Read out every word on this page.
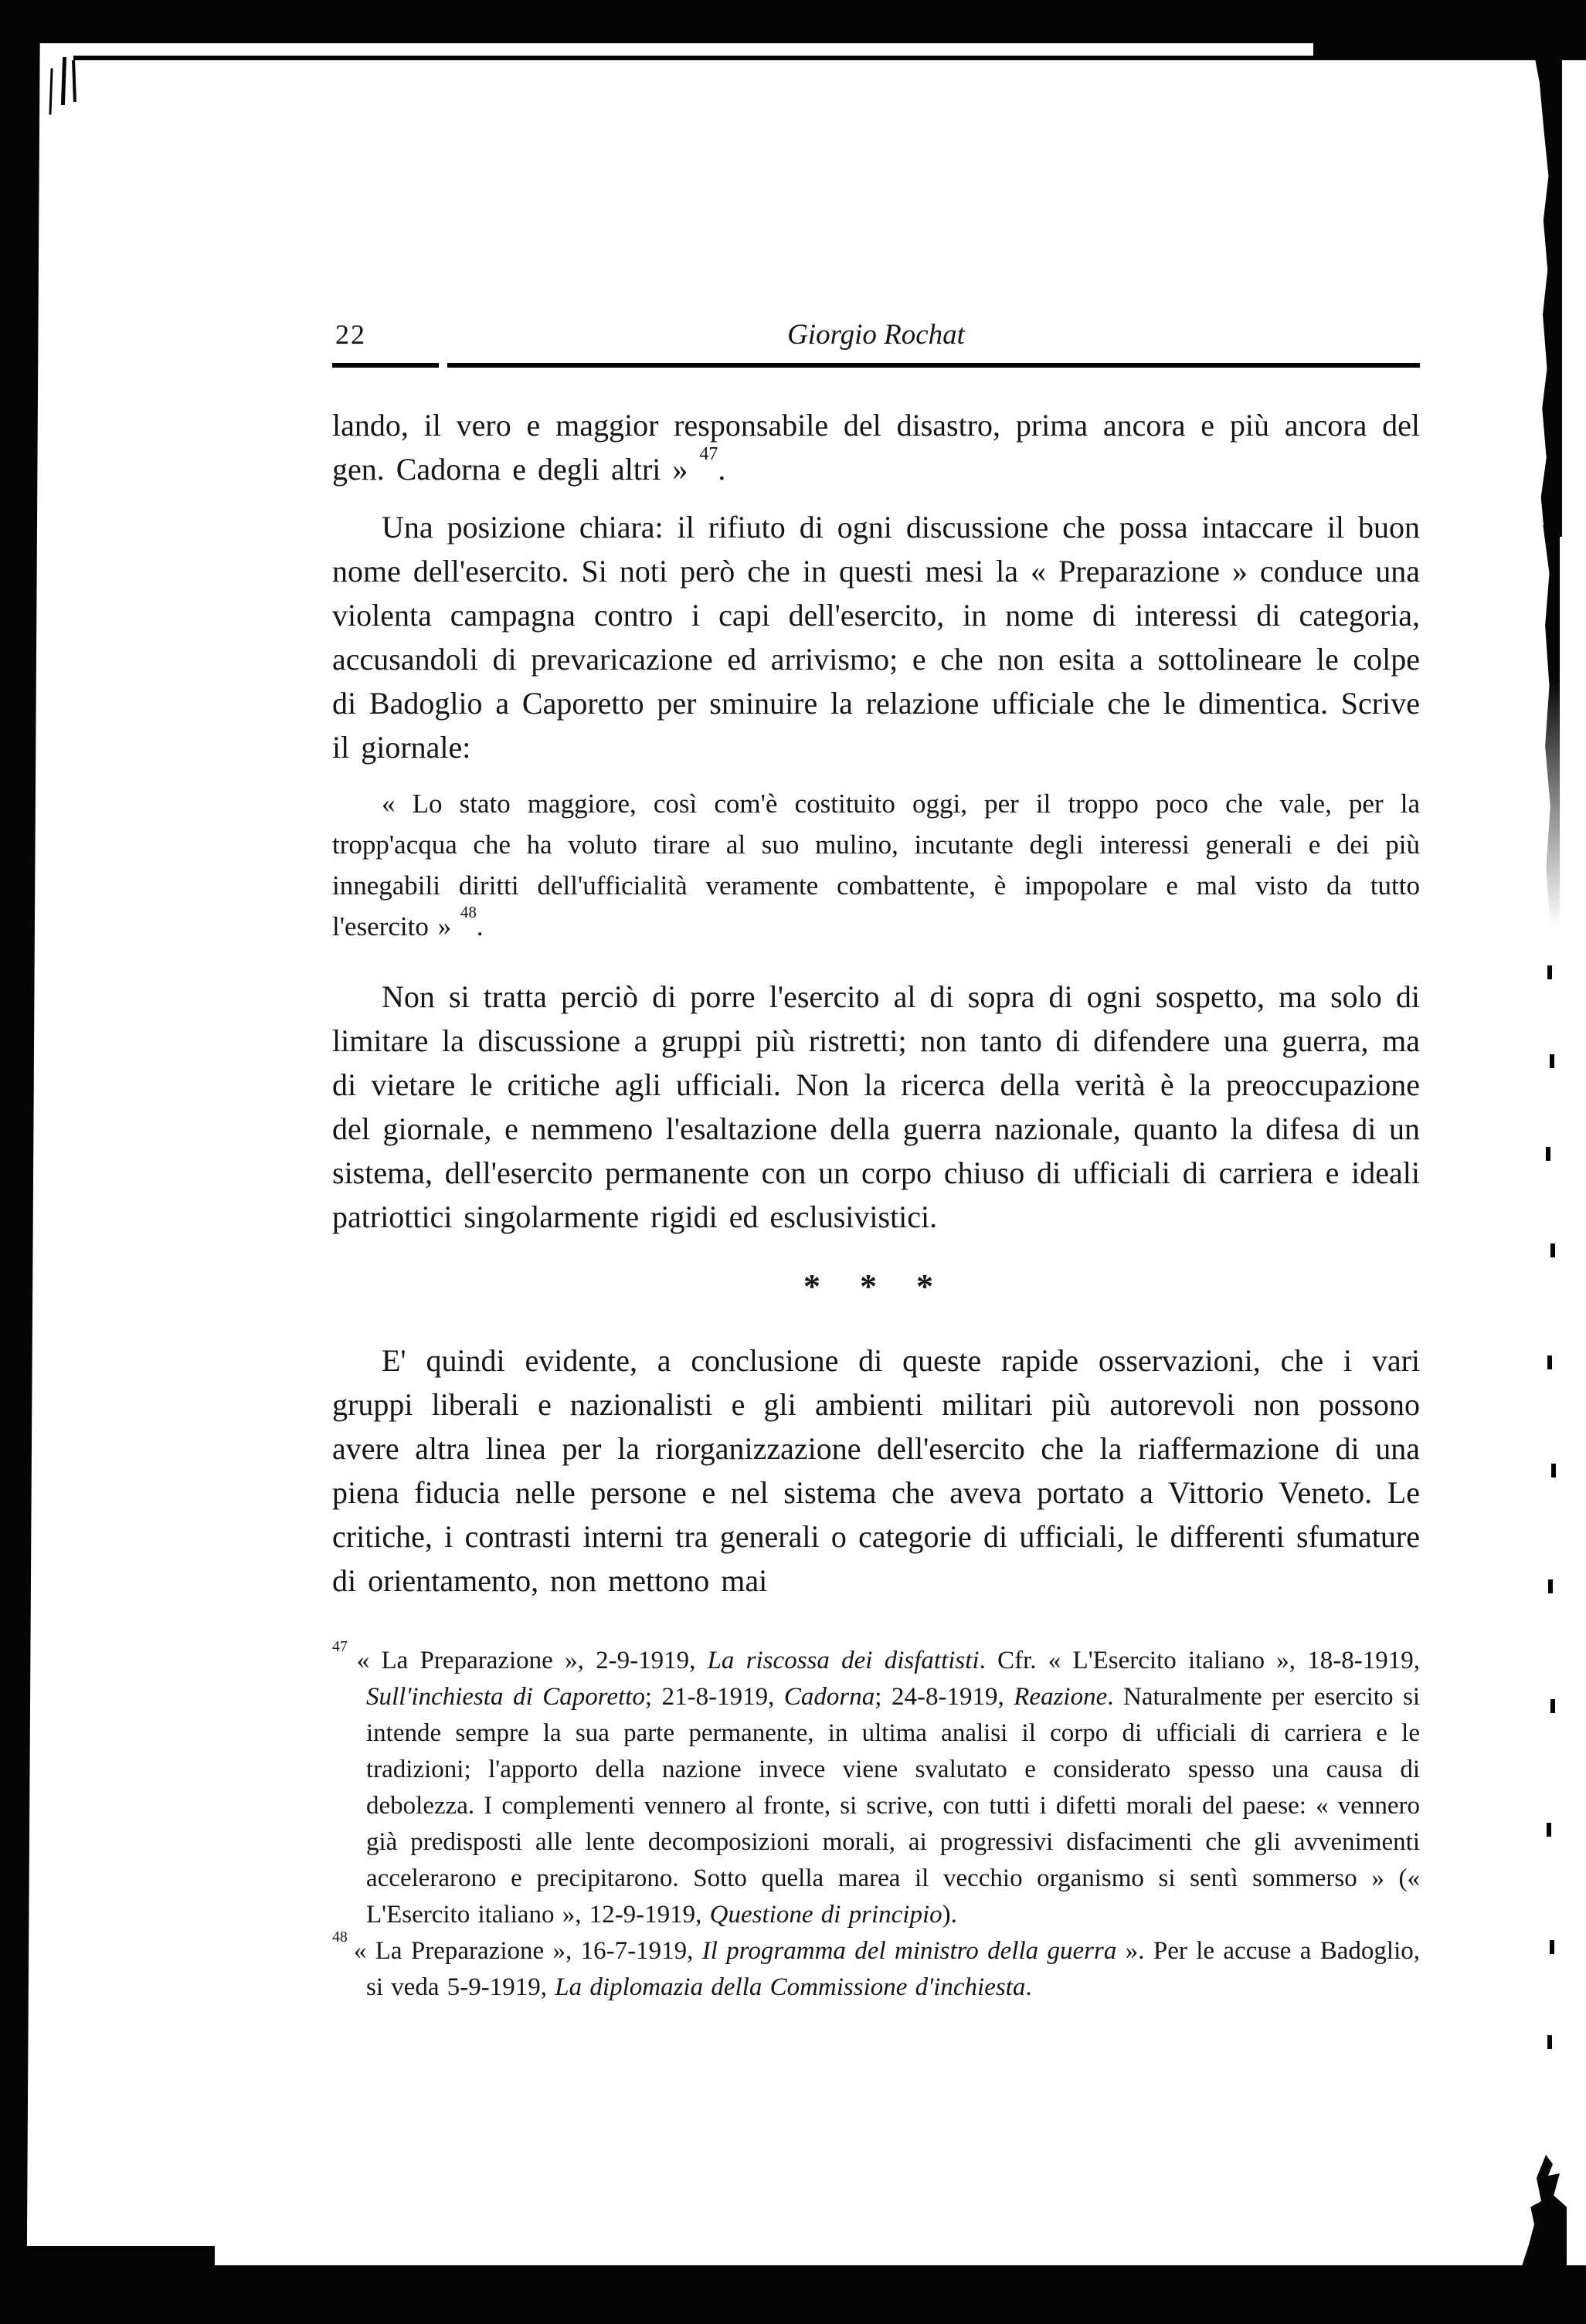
22	Giorgio Rochat

lando, il vero e maggior responsabile del disastro, prima ancora e più ancora del gen. Cadorna e degli altri » $^{47}$.

Una posizione chiara: il rifiuto di ogni discussione che possa intaccare il buon nome dell'esercito. Si noti però che in questi mesi la « Preparazione » conduce una violenta campagna contro i capi dell'esercito, in nome di interessi di categoria, accusandoli di prevaricazione ed arrivismo; e che non esita a sottolineare le colpe di Badoglio a Caporetto per sminuire la relazione ufficiale che le dimentica. Scrive il giornale:

« Lo stato maggiore, così com'è costituito oggi, per il troppo poco che vale, per la tropp'acqua che ha voluto tirare al suo mulino, incutante degli interessi generali e dei più innegabili diritti dell'ufficialità veramente combattente, è impopolare e mal visto da tutto l'esercito » $^{48}$.

Non si tratta perciò di porre l'esercito al di sopra di ogni sospetto, ma solo di limitare la discussione a gruppi più ristretti; non tanto di difendere una guerra, ma di vietare le critiche agli ufficiali. Non la ricerca della verità è la preoccupazione del giornale, e nemmeno l'esaltazione della guerra nazionale, quanto la difesa di un sistema, dell'esercito permanente con un corpo chiuso di ufficiali di carriera e ideali patriottici singolarmente rigidi ed esclusivistici.

* * *

E' quindi evidente, a conclusione di queste rapide osservazioni, che i vari gruppi liberali e nazionalisti e gli ambienti militari più autorevoli non possono avere altra linea per la riorganizzazione dell'esercito che la riaffermazione di una piena fiducia nelle persone e nel sistema che aveva portato a Vittorio Veneto. Le critiche, i contrasti interni tra generali o categorie di ufficiali, le differenti sfumature di orientamento, non mettono mai

$^{47}$ « La Preparazione », 2-9-1919, La riscossa dei disfattisti. Cfr. « L'Esercito italiano », 18-8-1919, Sull'inchiesta di Caporetto; 21-8-1919, Cadorna; 24-8-1919, Reazione. Naturalmente per esercito si intende sempre la sua parte permanente, in ultima analisi il corpo di ufficiali di carriera e le tradizioni; l'apporto della nazione invece viene svalutato e considerato spesso una causa di debolezza. I complementi vennero al fronte, si scrive, con tutti i difetti morali del paese: « vennero già predisposti alle lente decomposizioni morali, ai progressivi disfacimenti che gli avvenimenti accelerarono e precipitarono. Sotto quella marea il vecchio organismo si sentì sommerso » (« L'Esercito italiano », 12-9-1919, Questione di principio).

$^{48}$ « La Preparazione », 16-7-1919, Il programma del ministro della guerra ». Per le accuse a Badoglio, si veda 5-9-1919, La diplomazia della Commissione d'inchiesta.
